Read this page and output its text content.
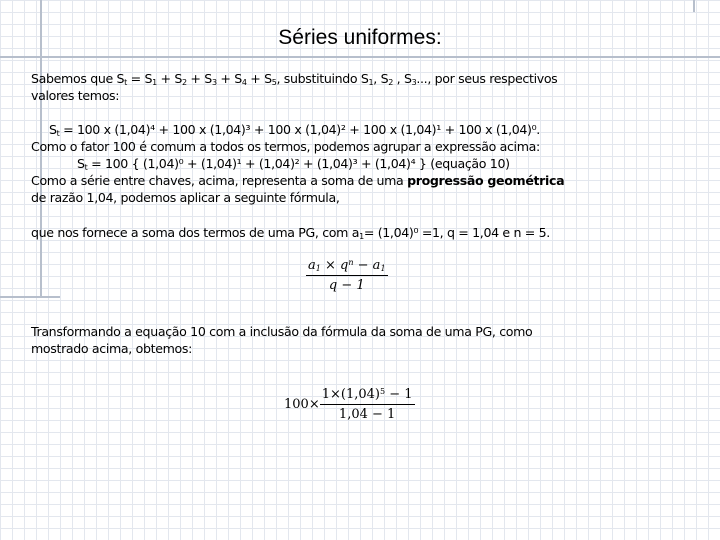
Séries uniformes:
Sabemos que $S_t = S_1 + S_2 + S_3 + S_4 + S_5$, substituindo $S_1$, $S_2$ , $S_3$..., por seus respectivos
valores temos:
$S_t = 100$ x (1,04)⁴ + 100 x (1,04)³ + 100 x (1,04)² + 100 x (1,04)¹ + 100 x (1,04)⁰.
Como o fator 100 é comum a todos os termos, podemos agrupar a expressão acima:
$S_t = 100$ { (1,04)⁰ + (1,04)¹ + (1,04)² + (1,04)³ + (1,04)⁴ } (equação 10)
Como a série entre chaves, acima, representa a soma de uma progressão geométrica
de razão 1,04, podemos aplicar a seguinte fórmula,
que nos fornece a soma dos termos de uma PG, com $a_1= (1,04)^0 =1$, q = 1,04 e n = 5.
$\frac{a_1 \times q^n - a_1}{q - 1}$
Transformando a equação 10 com a inclusão da fórmula da soma de uma PG, como
mostrado acima, obtemos:
$100\times \frac{1\times(1,04)^5 - 1}{1,04 - 1}$
